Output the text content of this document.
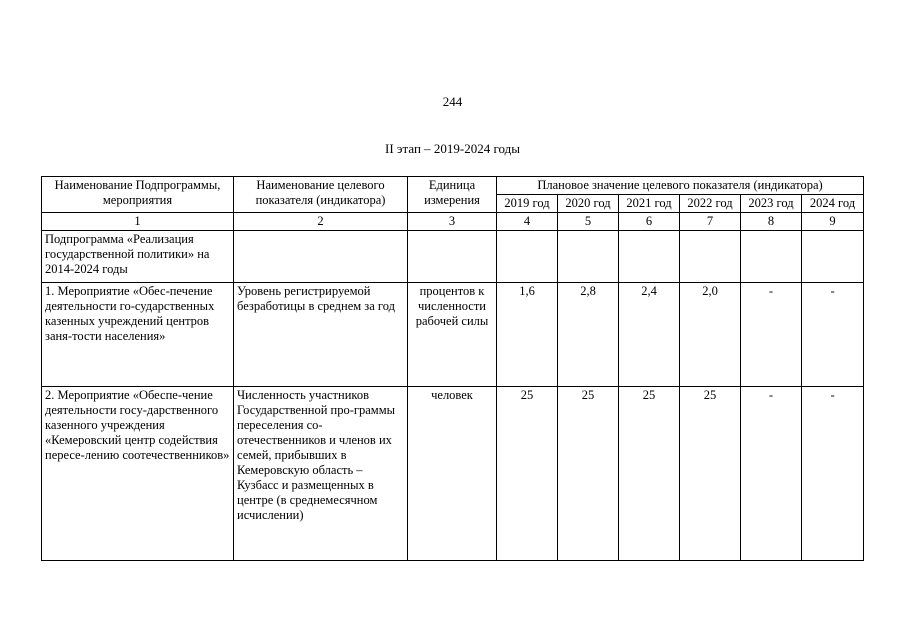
244
II этап – 2019-2024 годы
Наименование Подпрограммы, мероприятия	Наименование целевого показателя (индикатора)	Единица измерения	Плановое значение целевого показателя (индикатора)					
			2019 год	2020 год	2021 год	2022 год	2023 год	2024 год
1	2	3	4	5	6	7	8	9
Подпрограмма «Реализация государственной политики» на 2014-2024 годы								
1. Мероприятие «Обес-печение деятельности го-сударственных казенных учреждений центров заня-тости населения»	Уровень регистрируемой безработицы в среднем за год	процентов к численности рабочей силы	1,6	2,8	2,4	2,0	-	-
2. Мероприятие «Обеспе-чение деятельности госу-дарственного казенного учреждения «Кемеровский центр содействия пересе-лению соотечественников»	Численность участников Государственной про-граммы переселения со-отечественников и членов их семей, прибывших в Кемеровскую область – Кузбасс и размещенных в центре (в среднемесячном исчислении)	человек	25	25	25	25	-	-
